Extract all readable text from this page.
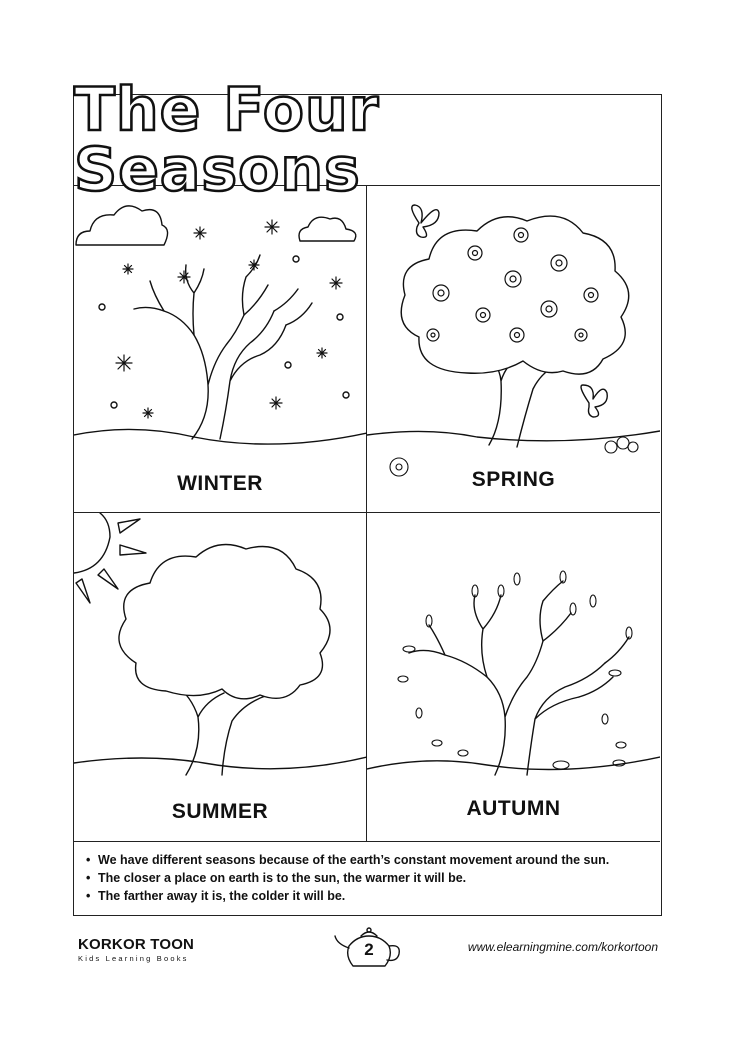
The Four Seasons
WINTER	SPRING
SUMMER	AUTUMN
• We have different seasons because of the earth’s constant movement around the sun.
• The closer a place on earth is to the sun, the warmer it will be.
• The farther away it is, the colder it will be.
KORKOR TOON
Kids Learning Books	2	www.elearningmine.com/korkortoon
